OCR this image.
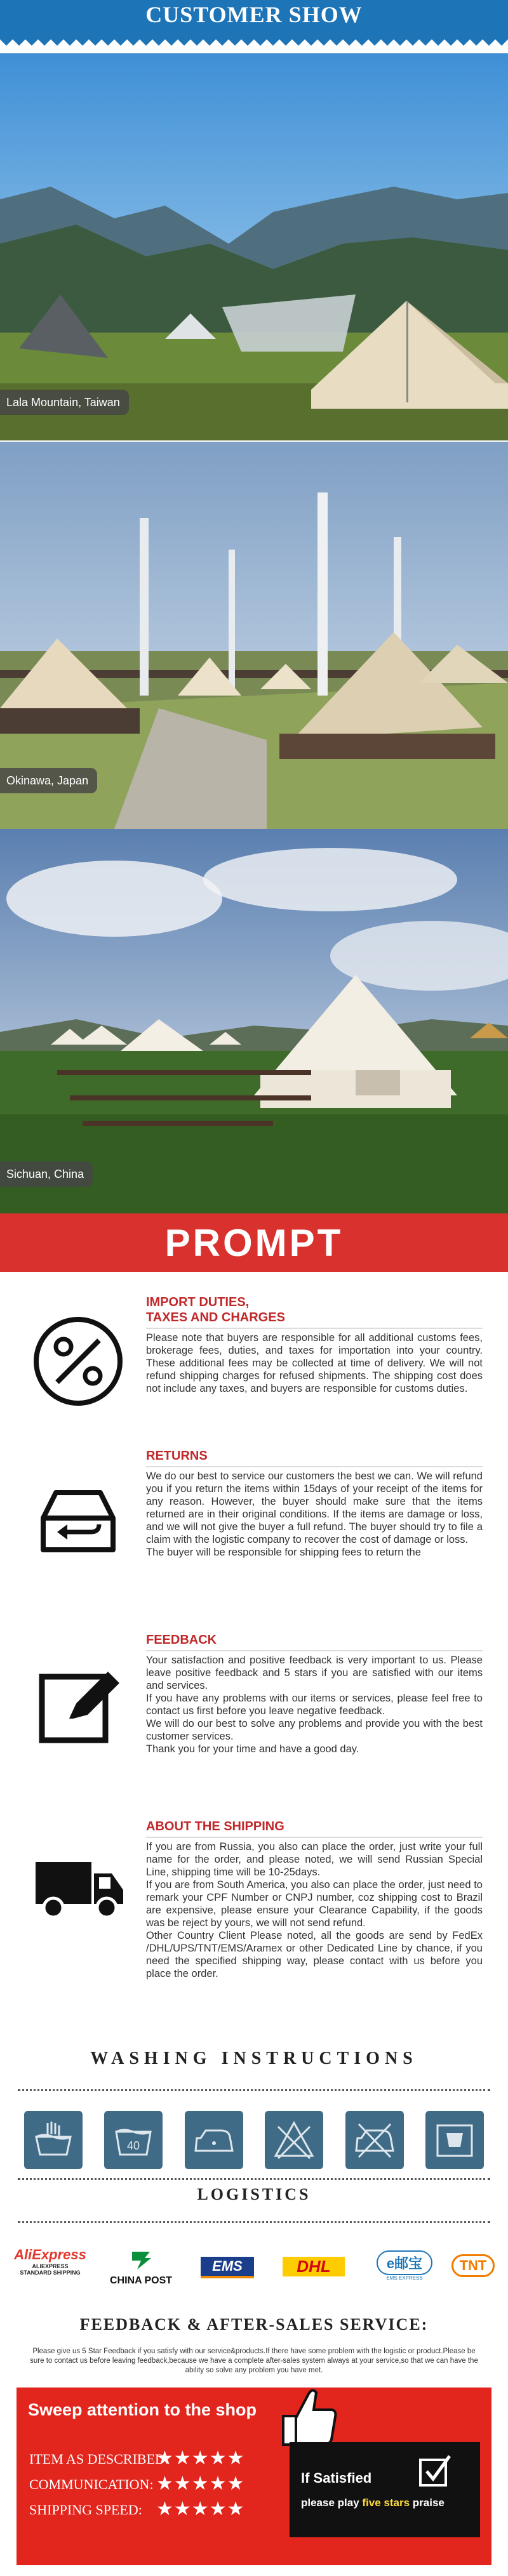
CUSTOMER SHOW
Lala Mountain, Taiwan
Okinawa, Japan
Sichuan, China
PROMPT
IMPORT DUTIES,
TAXES AND CHARGES
Please note that buyers are responsible for all additional customs fees, brokerage fees, duties, and taxes for importation into your country. These additional fees may be collected at time of delivery. We will not refund shipping charges for refused shipments. The shipping cost does not include any taxes, and buyers are responsible for customs duties.
RETURNS
We do our best to service our customers the best we can. We will refund you if you return the items within 15days of your receipt of the items for any reason. However, the buyer should make sure that the items returned are in their original conditions. If the items are damage or loss, and we will not give the buyer a full refund. The buyer should try to file a claim with the logistic company to recover the cost of damage or loss.
The buyer will be responsible for shipping fees to return the
FEEDBACK
Your satisfaction and positive feedback is very important to us. Please leave positive feedback and 5 stars if you are satisfied with our items and services.
If you have any problems with our items or services, please feel free to contact us first before you leave negative feedback.
We will do our best to solve any problems and provide you with the best customer services.
Thank you for your time and have a good day.
ABOUT THE SHIPPING
If you are from Russia, you also can place the order, just write your full name for the order, and please noted, we will send Russian Special Line, shipping time will be 10-25days.
If you are from South America, you also can place the order, just need to remark your CPF Number or CNPJ number, coz shipping cost to Brazil are expensive, please ensure your Clearance Capability, if the goods was be reject by yours, we will not send refund.
Other Country Client Please noted, all the goods are send by FedEx /DHL/UPS/TNT/EMS/Aramex or other Dedicated Line by chance, if you need the specified shipping way, please contact with us before you place the order.
WASHING INSTRUCTIONS
40
LOGISTICS
AliExpress
ALIEXPRESS
STANDARD SHIPPING
CHINA POST
EMS	DHL	e邮宝
EMS EXPRESS
TNT
FEEDBACK & AFTER-SALES SERVICE:
Please give us 5 Star Feedback if you satisfy with our service&products.If there have some problem with the logistic or product.Please be sure to contact us before leaving feedback,because we have a complete after-sales system always at your service,so that we can have the ability so solve any problem you have met.
Sweep attention to the shop
ITEM AS DESCRIBED:
★★★★★
COMMUNICATION: ★★★★★
SHIPPING SPEED: ★★★★★
If Satisfied
please play five stars praise
